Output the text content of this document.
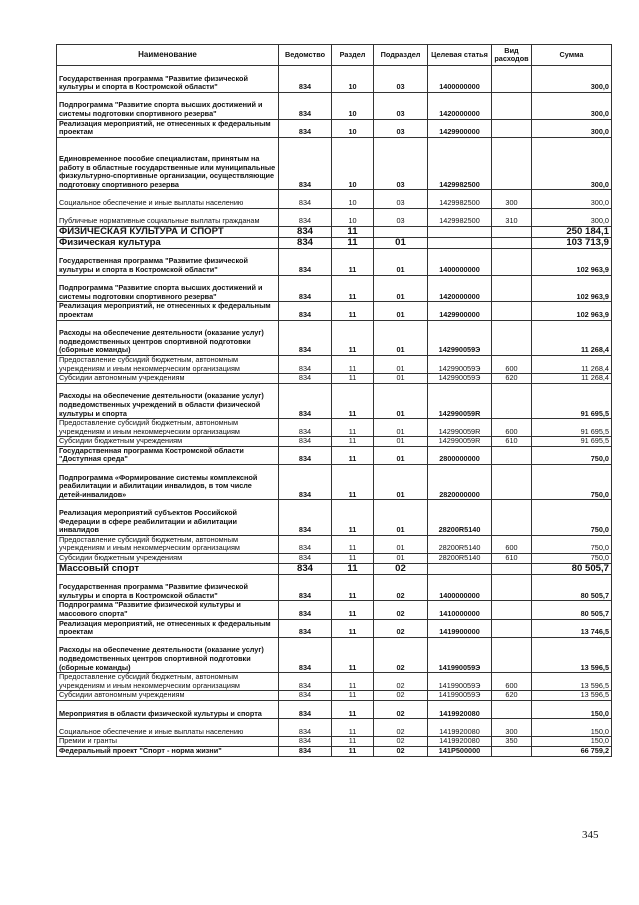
Наименование	Ведомство	Раздел	Подраздел	Целевая статья	Вид расходов	Сумма
Государственная программа "Развитие физической культуры и спорта в Костромской области"	834	10	03	1400000000		300,0
Подпрограмма "Развитие спорта высших достижений и системы подготовки спортивного резерва"	834	10	03	1420000000		300,0
Реализация мероприятий, не отнесенных к федеральным проектам	834	10	03	1429900000		300,0
Единовременное пособие специалистам, принятым на работу в областные государственные или муниципальные физкультурно-спортивные организации, осуществляющие подготовку спортивного резерва	834	10	03	1429982500		300,0
Социальное обеспечение и иные выплаты населению	834	10	03	1429982500	300	300,0
Публичные нормативные социальные выплаты гражданам	834	10	03	1429982500	310	300,0
ФИЗИЧЕСКАЯ КУЛЬТУРА И СПОРТ	834	11				250 184,1
Физическая культура	834	11	01			103 713,9
Государственная программа "Развитие физической культуры и спорта в Костромской области"	834	11	01	1400000000		102 963,9
Подпрограмма "Развитие спорта высших достижений и системы подготовки спортивного резерва"	834	11	01	1420000000		102 963,9
Реализация мероприятий, не отнесенных к федеральным проектам	834	11	01	1429900000		102 963,9
Расходы на обеспечение деятельности (оказание услуг) подведомственных центров спортивной подготовки (сборные команды)	834	11	01	142990059Э		11 268,4
Предоставление субсидий бюджетным, автономным учреждениям и иным некоммерческим организациям	834	11	01	142990059Э	600	11 268,4
Субсидии автономным учреждениям	834	11	01	142990059Э	620	11 268,4
Расходы на обеспечение деятельности (оказание услуг) подведомственных учреждений в области физической культуры и спорта	834	11	01	142990059R		91 695,5
Предоставление субсидий бюджетным, автономным учреждениям и иным некоммерческим организациям	834	11	01	142990059R	600	91 695,5
Субсидии бюджетным учреждениям	834	11	01	142990059R	610	91 695,5
Государственная программа Костромской области "Доступная среда"	834	11	01	2800000000		750,0
Подпрограмма «Формирование системы комплексной реабилитации и абилитации инвалидов, в том числе детей-инвалидов»	834	11	01	2820000000		750,0
Реализация мероприятий субъектов Российской Федерации в сфере реабилитации и абилитации инвалидов	834	11	01	28200R5140		750,0
Предоставление субсидий бюджетным, автономным учреждениям и иным некоммерческим организациям	834	11	01	28200R5140	600	750,0
Субсидии бюджетным учреждениям	834	11	01	28200R5140	610	750,0
Массовый спорт	834	11	02			80 505,7
Государственная программа "Развитие физической культуры и спорта в Костромской области"	834	11	02	1400000000		80 505,7
Подпрограмма "Развитие физической культуры и массового спорта"	834	11	02	1410000000		80 505,7
Реализация мероприятий, не отнесенных к федеральным проектам	834	11	02	1419900000		13 746,5
Расходы на обеспечение деятельности (оказание услуг) подведомственных центров спортивной подготовки (сборные команды)	834	11	02	141990059Э		13 596,5
Предоставление субсидий бюджетным, автономным учреждениям и иным некоммерческим организациям	834	11	02	141990059Э	600	13 596,5
Субсидии автономным учреждениям	834	11	02	141990059Э	620	13 596,5
Мероприятия в области физической культуры и спорта	834	11	02	1419920080		150,0
Социальное обеспечение и иные выплаты населению	834	11	02	1419920080	300	150,0
Премии и гранты	834	11	02	1419920080	350	150,0
Федеральный проект "Спорт - норма жизни"	834	11	02	141P500000		66 759,2
345
